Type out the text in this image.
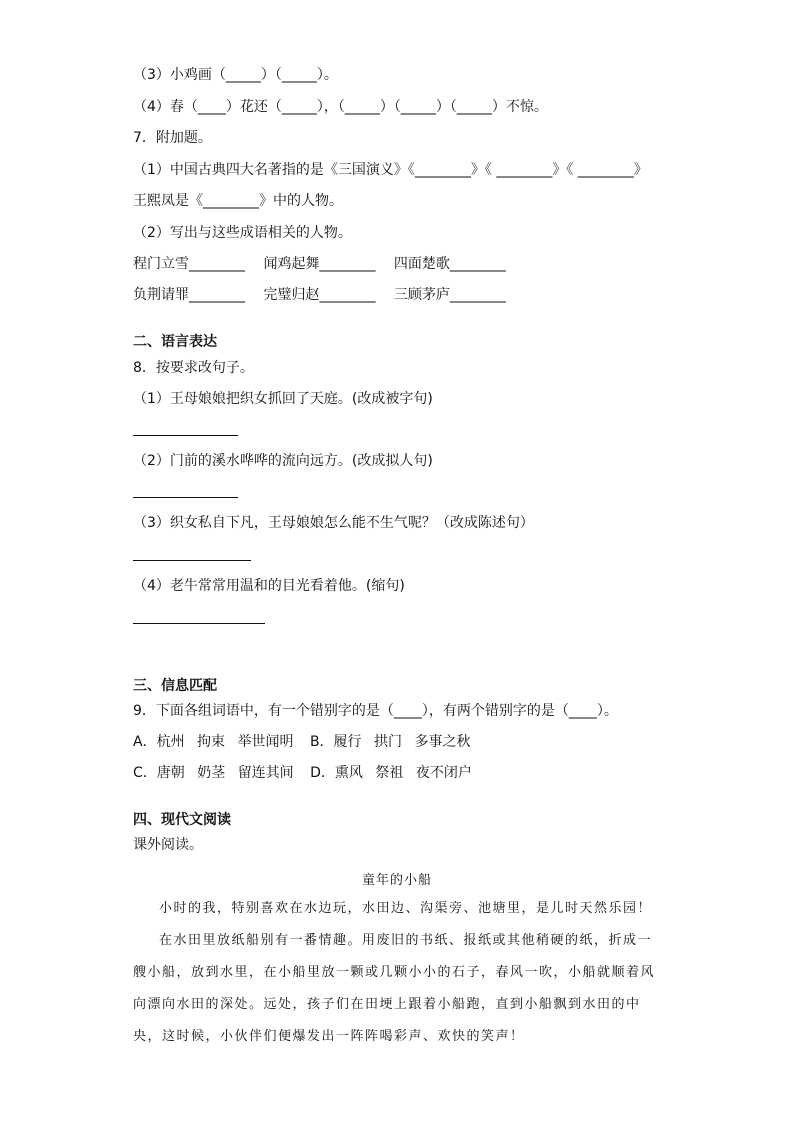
（3）小鸡画（_____）（_____）。
（4）春（____）花还（_____），（_____）（_____）（_____）不惊。
7．附加题。
（1）中国古典四大名著指的是《三国演义》《________》《 ________》《 ________》
王熙凤是《________》中的人物。
（2）写出与这些成语相关的人物。
程门立雪________ 闻鸡起舞________ 四面楚歌________
负荆请罪________ 完璧归赵________ 三顾茅庐________
二、语言表达
8．按要求改句子。
（1）王母娘娘把织女抓回了天庭。(改成被字句)
（2）门前的溪水哗哗的流向远方。(改成拟人句)
（3）织女私自下凡，王母娘娘怎么能不生气呢？（改成陈述句）
（4）老牛常常用温和的目光看着他。(缩句)
三、信息匹配
9．下面各组词语中，有一个错别字的是（____），有两个错别字的是（____）。
A．杭州 拘束 举世闻明 B．履行 拱门 多事之秋
C．唐朝 奶茎 留连其间 D．熏风 祭祖 夜不闭户
四、现代文阅读
课外阅读。
童年的小船
小时的我，特别喜欢在水边玩，水田边、沟渠旁、池塘里，是儿时天然乐园！
在水田里放纸船别有一番情趣。用废旧的书纸、报纸或其他稍硬的纸，折成一艘小船，放到水里，在小船里放一颗或几颗小小的石子，春风一吹，小船就顺着风向漂向水田的深处。远处，孩子们在田埂上跟着小船跑，直到小船飘到水田的中央，这时候，小伙伴们便爆发出一阵阵喝彩声、欢快的笑声！
